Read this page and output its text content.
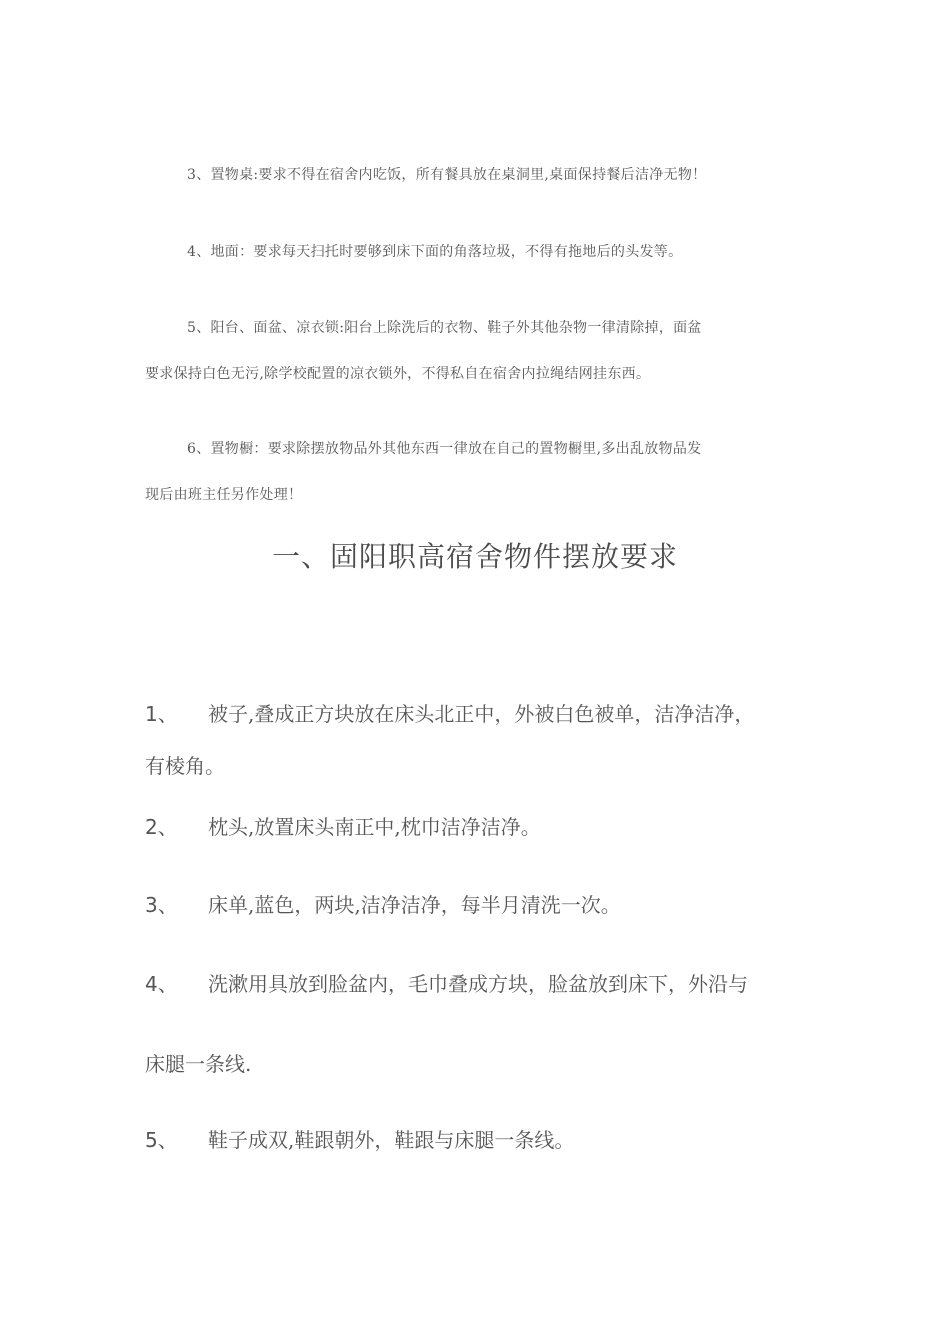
3、置物桌:要求不得在宿舍内吃饭，所有餐具放在桌洞里,桌面保持餐后洁净无物！
4、地面：要求每天扫托时要够到床下面的角落垃圾，不得有拖地后的头发等。
5、阳台、面盆、凉衣锁:阳台上除洗后的衣物、鞋子外其他杂物一律清除掉，面盆
要求保持白色无污,除学校配置的凉衣锁外，不得私自在宿舍内拉绳结网挂东西。
6、置物橱：要求除摆放物品外其他东西一律放在自己的置物橱里,多出乱放物品发
现后由班主任另作处理！
一、固阳职高宿舍物件摆放要求
1、 被子,叠成正方块放在床头北正中，外被白色被单，洁净洁净，
有棱角。
2、 枕头,放置床头南正中,枕巾洁净洁净。
3、 床单,蓝色，两块,洁净洁净，每半月清洗一次。
4、 洗漱用具放到脸盆内，毛巾叠成方块，脸盆放到床下，外沿与
床腿一条线.
5、 鞋子成双,鞋跟朝外，鞋跟与床腿一条线。
